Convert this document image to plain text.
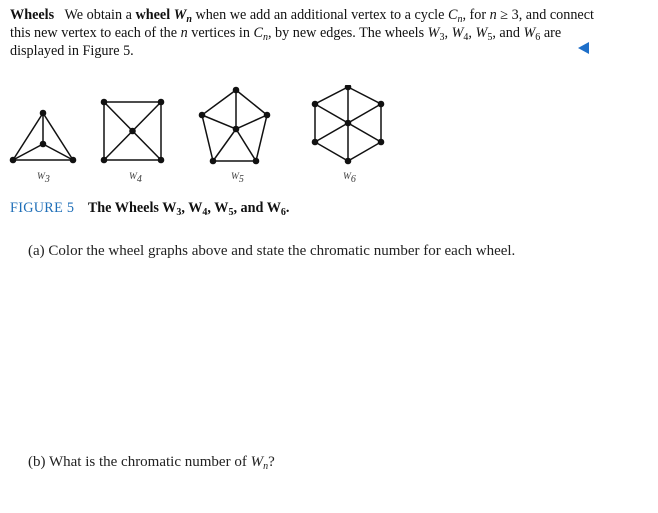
Wheels We obtain a wheel $W_n$ when we add an additional vertex to a cycle $C_n$, for n ≥ 3, and connect this new vertex to each of the n vertices in $C_n$, by new edges. The wheels $W_3$, $W_4$, $W_5$, and $W_6$ are displayed in Figure 5.
$W_3$	$W_4$	$W_5$	$W_6$
FIGURE 5 The Wheels $W_3$, $W_4$, $W_5$, and $W_6$.
(a) Color the wheel graphs above and state the chromatic number for each wheel.
(b) What is the chromatic number of $W_n$?
